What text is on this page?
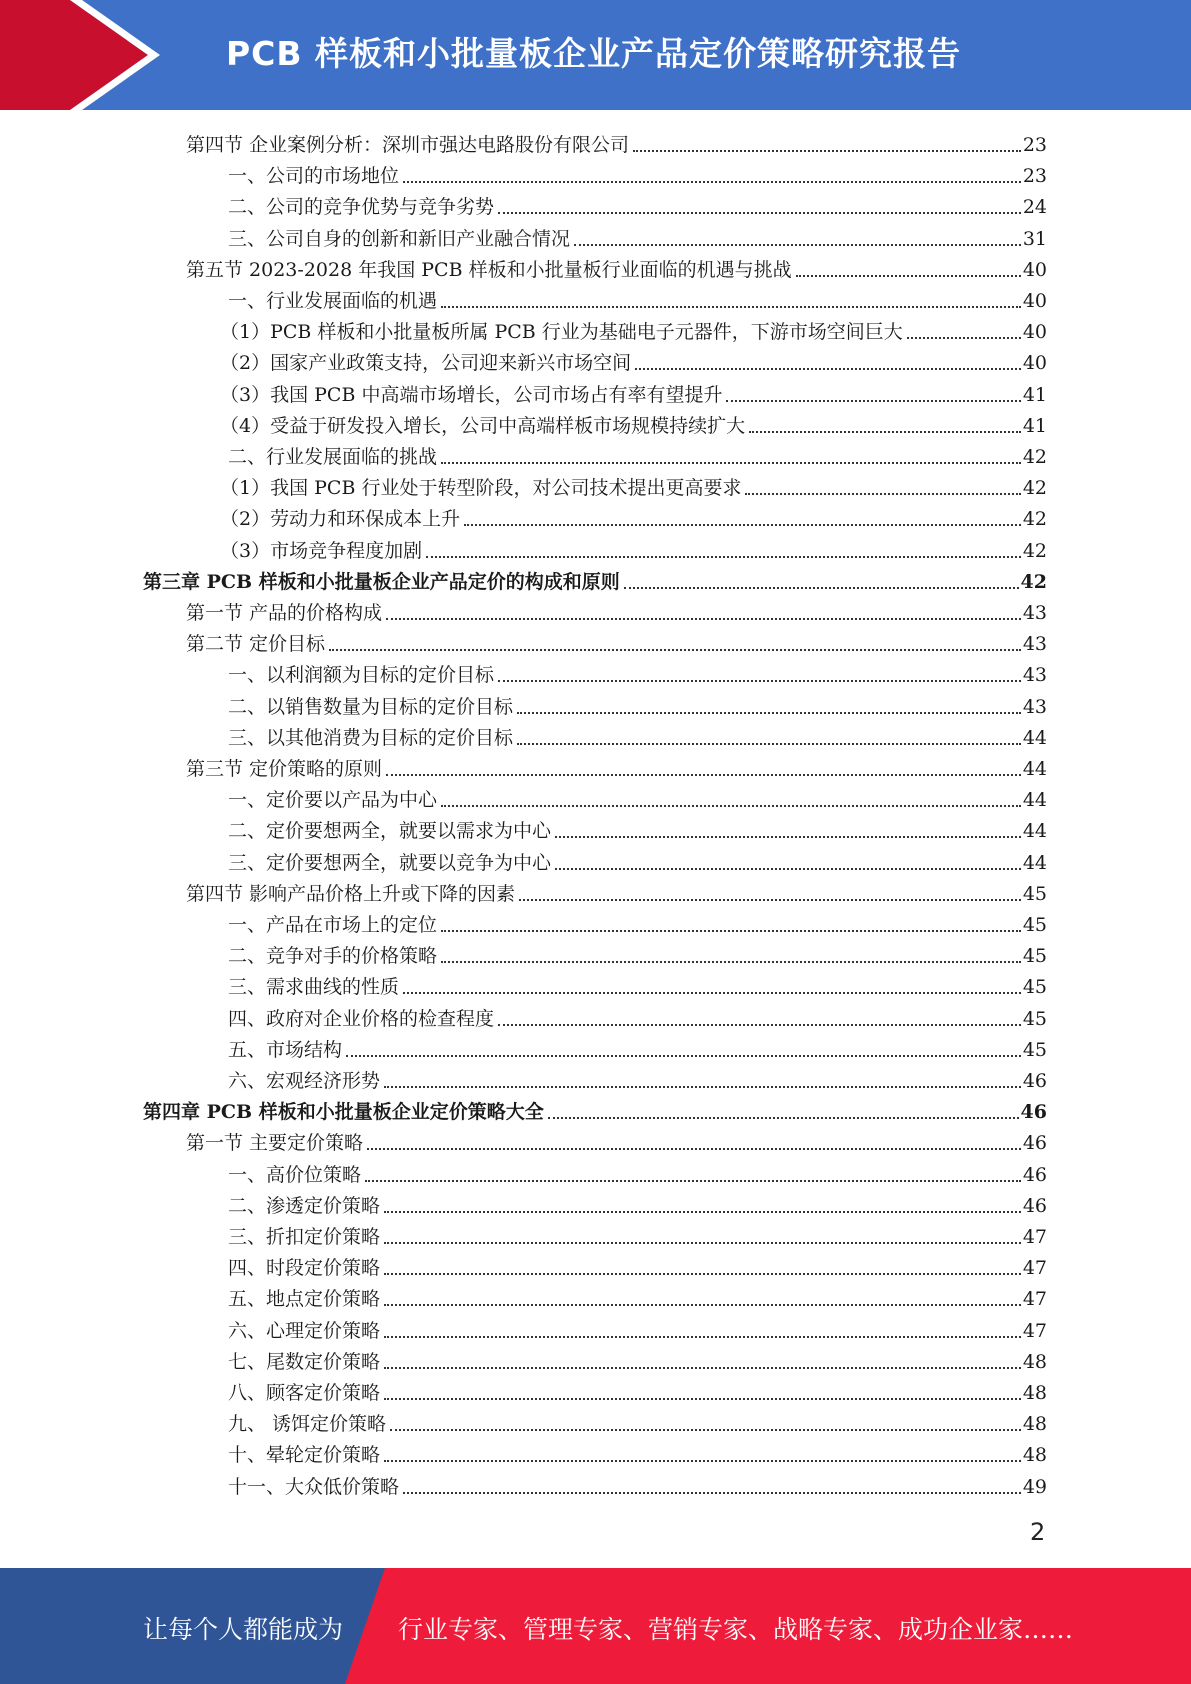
PCB 样板和小批量板企业产品定价策略研究报告
第四节 企业案例分析：深圳市强达电路股份有限公司	23
一、公司的市场地位	23
二、公司的竞争优势与竞争劣势	24
三、公司自身的创新和新旧产业融合情况	31
第五节 2023-2028 年我国 PCB 样板和小批量板行业面临的机遇与挑战	40
一、行业发展面临的机遇	40
（1）PCB 样板和小批量板所属 PCB 行业为基础电子元器件，下游市场空间巨大	40
（2）国家产业政策支持，公司迎来新兴市场空间	40
（3）我国 PCB 中高端市场增长，公司市场占有率有望提升	41
（4）受益于研发投入增长，公司中高端样板市场规模持续扩大	41
二、行业发展面临的挑战	42
（1）我国 PCB 行业处于转型阶段，对公司技术提出更高要求	42
（2）劳动力和环保成本上升	42
（3）市场竞争程度加剧	42
第三章 PCB 样板和小批量板企业产品定价的构成和原则	42
第一节 产品的价格构成	43
第二节 定价目标	43
一、以利润额为目标的定价目标	43
二、以销售数量为目标的定价目标	43
三、以其他消费为目标的定价目标	44
第三节 定价策略的原则	44
一、定价要以产品为中心	44
二、定价要想两全，就要以需求为中心	44
三、定价要想两全，就要以竞争为中心	44
第四节 影响产品价格上升或下降的因素	45
一、产品在市场上的定位	45
二、竞争对手的价格策略	45
三、需求曲线的性质	45
四、政府对企业价格的检查程度	45
五、市场结构	45
六、宏观经济形势	46
第四章 PCB 样板和小批量板企业定价策略大全	46
第一节 主要定价策略	46
一、高价位策略	46
二、渗透定价策略	46
三、折扣定价策略	47
四、时段定价策略	47
五、地点定价策略	47
六、心理定价策略	47
七、尾数定价策略	48
八、顾客定价策略	48
九、 诱饵定价策略	48
十、晕轮定价策略	48
十一、大众低价策略	49
2
让每个人都能成为 行业专家、管理专家、营销专家、战略专家、成功企业家……
